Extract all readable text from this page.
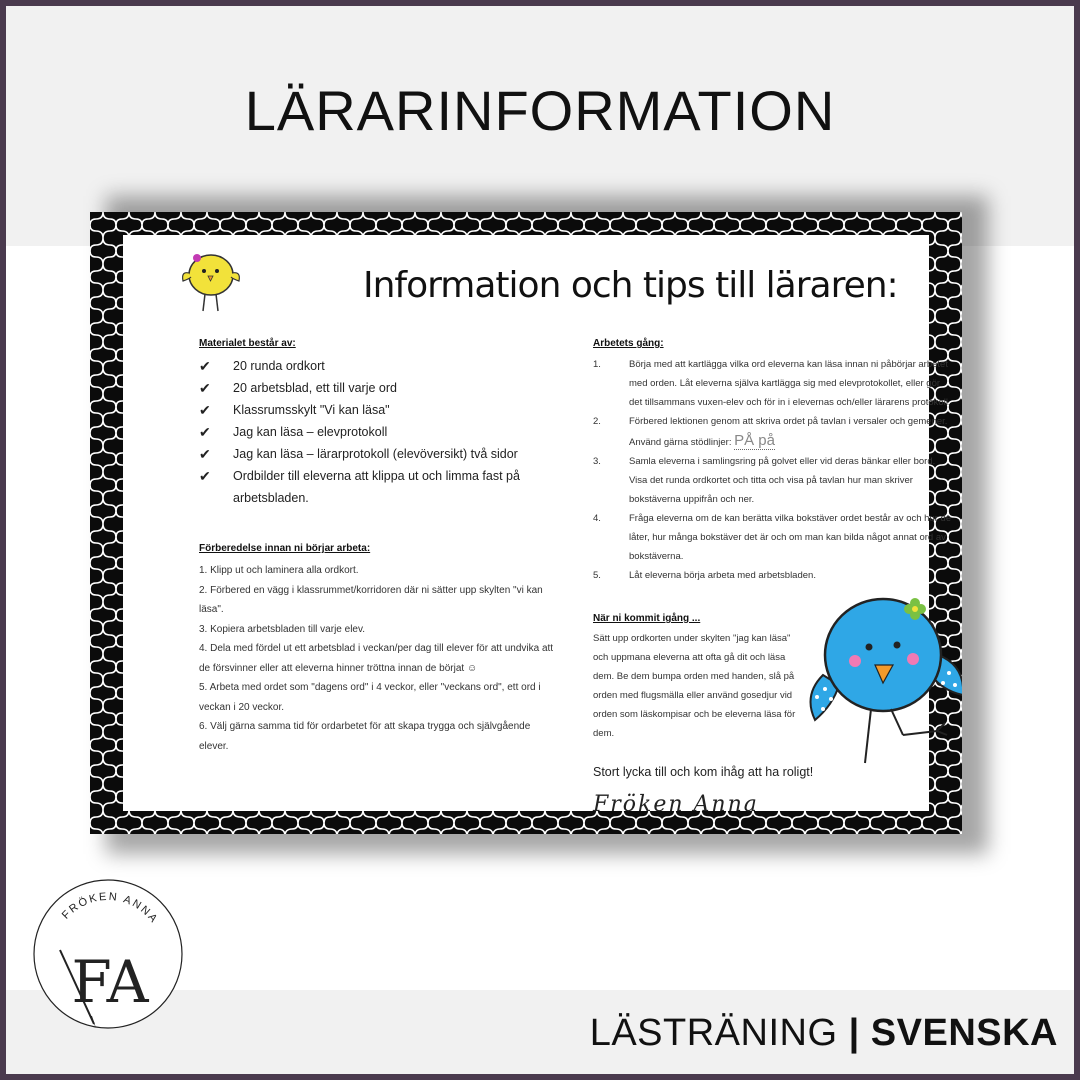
LÄRARINFORMATION
Information och tips till läraren:
Materialet består av:
✔ 20 runda ordkort
✔ 20 arbetsblad, ett till varje ord
✔ Klassrumsskylt "Vi kan läsa"
✔ Jag kan läsa – elevprotokoll
✔ Jag kan läsa – lärarprotokoll (elevöversikt) två sidor
✔ Ordbilder till eleverna att klippa ut och limma fast på arbetsbladen.
Förberedelse innan ni börjar arbeta:
1. Klipp ut och laminera alla ordkort.
2. Förbered en vägg i klassrummet/korridoren där ni sätter upp skylten "vi kan läsa".
3. Kopiera arbetsbladen till varje elev.
4. Dela med fördel ut ett arbetsblad i veckan/per dag till elever för att undvika att de försvinner eller att eleverna hinner tröttna innan de börjat ☺
5. Arbeta med ordet som "dagens ord" i 4 veckor, eller "veckans ord", ett ord i veckan i 20 veckor.
6. Välj gärna samma tid för ordarbetet för att skapa trygga och självgående elever.
Arbetets gång:
1.	Börja med att kartlägga vilka ord eleverna kan läsa innan ni påbörjar arbetet med orden. Låt eleverna själva kartlägga sig med elevprotokollet, eller gör det tillsammans vuxen-elev och för in i elevernas och/eller lärarens protokoll.
2.	Förbered lektionen genom att skriva ordet på tavlan i versaler och gemener. Använd gärna stödlinjer: PÅ på
3.	Samla eleverna i samlingsring på golvet eller vid deras bänkar eller bord. Visa det runda ordkortet och titta och visa på tavlan hur man skriver bokstäverna uppifrån och ner.
4.	Fråga eleverna om de kan berätta vilka bokstäver ordet består av och hur de låter, hur många bokstäver det är och om man kan bilda något annat ord av bokstäverna.
5.	Låt eleverna börja arbeta med arbetsbladen.
När ni kommit igång ...
Sätt upp ordkorten under skylten "jag kan läsa" och uppmana eleverna att ofta gå dit och läsa dem. Be dem bumpa orden med handen, slå på orden med flugsmälla eller använd gosedjur vid orden som läskompisar och be eleverna läsa för dem.
Stort lycka till och kom ihåg att ha roligt!
Fröken Anna
FRÖKEN ANNA
FA
LÄSTRÄNING | SVENSKA
